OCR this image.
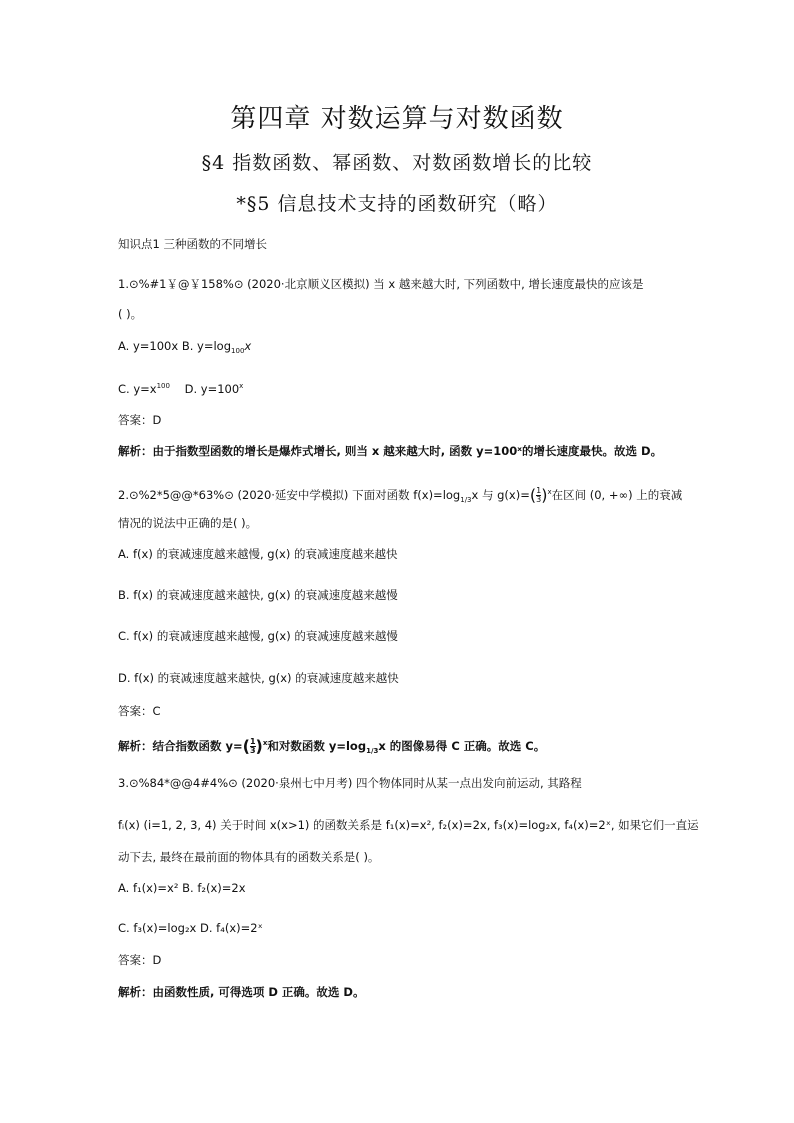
第四章 对数运算与对数函数
§4 指数函数、幂函数、对数函数增长的比较
*§5 信息技术支持的函数研究（略）
知识点1 三种函数的不同增长
1.⊙%#1￥@￥158%⊙ (2020·北京顺义区模拟) 当 x 越来越大时, 下列函数中, 增长速度最快的应该是
( )。
A. y=100x B. $y=\log_{100}x$
C. $y=x^{100}$ D. $y=100^x$
答案：D
解析：由于指数型函数的增长是爆炸式增长, 则当 x 越来越大时, 函数 y=100ˣ的增长速度最快。故选 D。
2.⊙%2*5@@*63%⊙ (2020·延安中学模拟) 下面对函数 $f(x)=\log_{1/3}x$ 与 $g(x)=( \frac{1}{3} )^x$在区间 (0, +∞) 上的衰减
情况的说法中正确的是( )。
A. f(x) 的衰减速度越来越慢, g(x) 的衰减速度越来越快
B. f(x) 的衰减速度越来越快, g(x) 的衰减速度越来越慢
C. f(x) 的衰减速度越来越慢, g(x) 的衰减速度越来越慢
D. f(x) 的衰减速度越来越快, g(x) 的衰减速度越来越快
答案：C
解析：结合指数函数 $y=( \frac{1}{3} )^x$和对数函数 $y=\log_{1/3}x$ 的图像易得 C 正确。故选 C。
3.⊙%84*@@4#4%⊙ (2020·泉州七中月考) 四个物体同时从某一点出发向前运动, 其路程
fᵢ(x) (i=1, 2, 3, 4) 关于时间 x(x>1) 的函数关系是 f₁(x)=x², f₂(x)=2x, f₃(x)=log₂x, f₄(x)=2ˣ, 如果它们一直运
动下去, 最终在最前面的物体具有的函数关系是( )。
A. f₁(x)=x² B. f₂(x)=2x
C. f₃(x)=log₂x D. f₄(x)=2ˣ
答案：D
解析：由函数性质, 可得选项 D 正确。故选 D。
